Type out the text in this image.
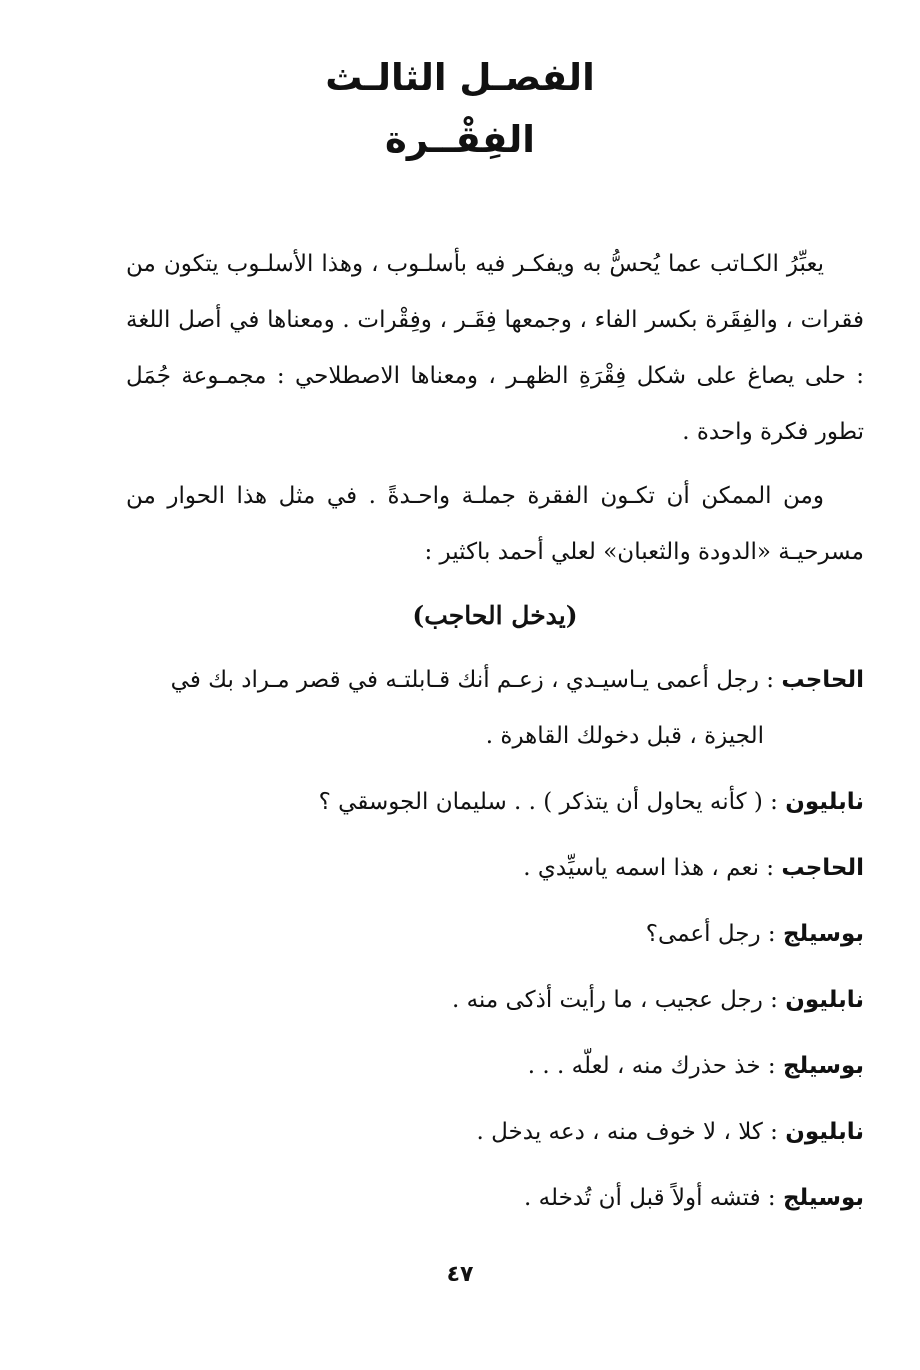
الفصـل الثالـث
الفِقْــرة

يعبِّرُ الكـاتب عما يُحسُّ به ويفكـر فيه بأسلـوب ، وهذا الأسلـوب يتكون من فقرات ، والفِقَرة بكسر الفاء ، وجمعها فِقَـر ، وفِقْرات . ومعناها في أصل اللغة : حلى يصاغ على شكل فِقْرَةِ الظهـر ، ومعناها الاصطلاحي : مجمـوعة جُمَل تطور فكرة واحدة .

ومن الممكن أن تكـون الفقرة جملـة واحـدةً . في مثل هذا الحوار من مسرحيـة «الدودة والثعبان» لعلي أحمد باكثير :

(يدخل الحاجب)

الحاجب : رجل أعمى يـاسيـدي ، زعـم أنك قـابلتـه في قصر مـراد بك في الجيزة ، قبل دخولك القاهرة .

نابليون : ( كأنه يحاول أن يتذكر ) . . سليمان الجوسقي ؟

الحاجب : نعم ، هذا اسمه ياسيِّدي .

بوسيلج : رجل أعمى؟

نابليون : رجل عجيب ، ما رأيت أذكى منه .

بوسيلج : خذ حذرك منه ، لعلّه . . .

نابليون : كلا ، لا خوف منه ، دعه يدخل .

بوسيلج : فتشه أولاً قبل أن تُدخله .

٤٧
